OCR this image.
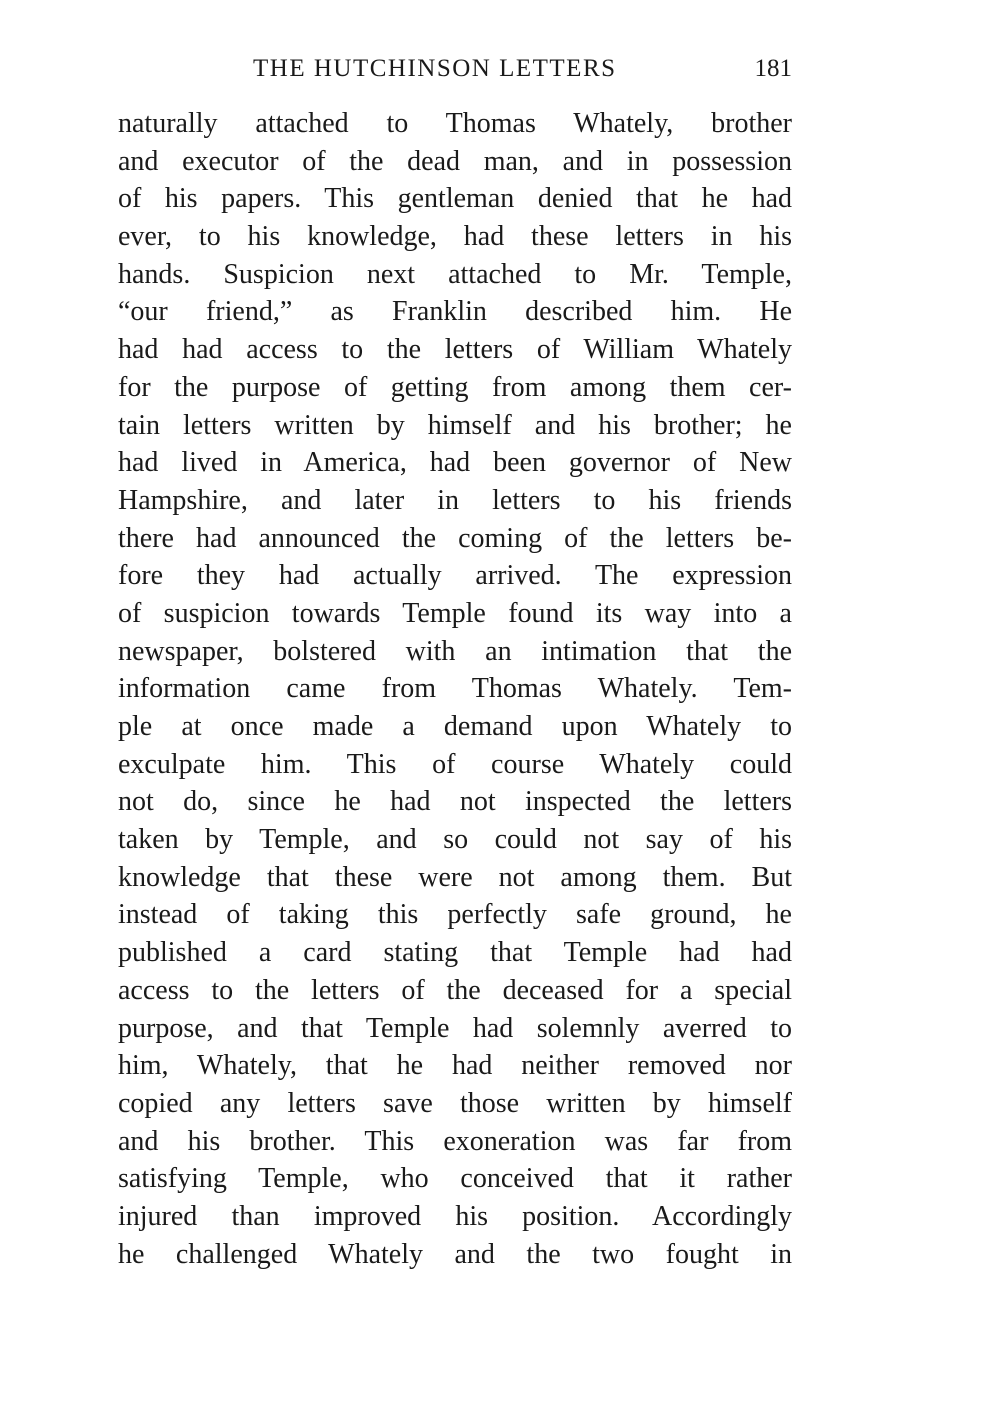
THE HUTCHINSON LETTERS	181
naturally attached to Thomas Whately, brother
and executor of the dead man, and in possession
of his papers. This gentleman denied that he had
ever, to his knowledge, had these letters in his
hands. Suspicion next attached to Mr. Temple,
“our friend,” as Franklin described him. He
had had access to the letters of William Whately
for the purpose of getting from among them cer-
tain letters written by himself and his brother; he
had lived in America, had been governor of New
Hampshire, and later in letters to his friends
there had announced the coming of the letters be-
fore they had actually arrived. The expression
of suspicion towards Temple found its way into a
newspaper, bolstered with an intimation that the
information came from Thomas Whately. Tem-
ple at once made a demand upon Whately to
exculpate him. This of course Whately could
not do, since he had not inspected the letters
taken by Temple, and so could not say of his
knowledge that these were not among them. But
instead of taking this perfectly safe ground, he
published a card stating that Temple had had
access to the letters of the deceased for a special
purpose, and that Temple had solemnly averred to
him, Whately, that he had neither removed nor
copied any letters save those written by himself
and his brother. This exoneration was far from
satisfying Temple, who conceived that it rather
injured than improved his position. Accordingly
he challenged Whately and the two fought in
